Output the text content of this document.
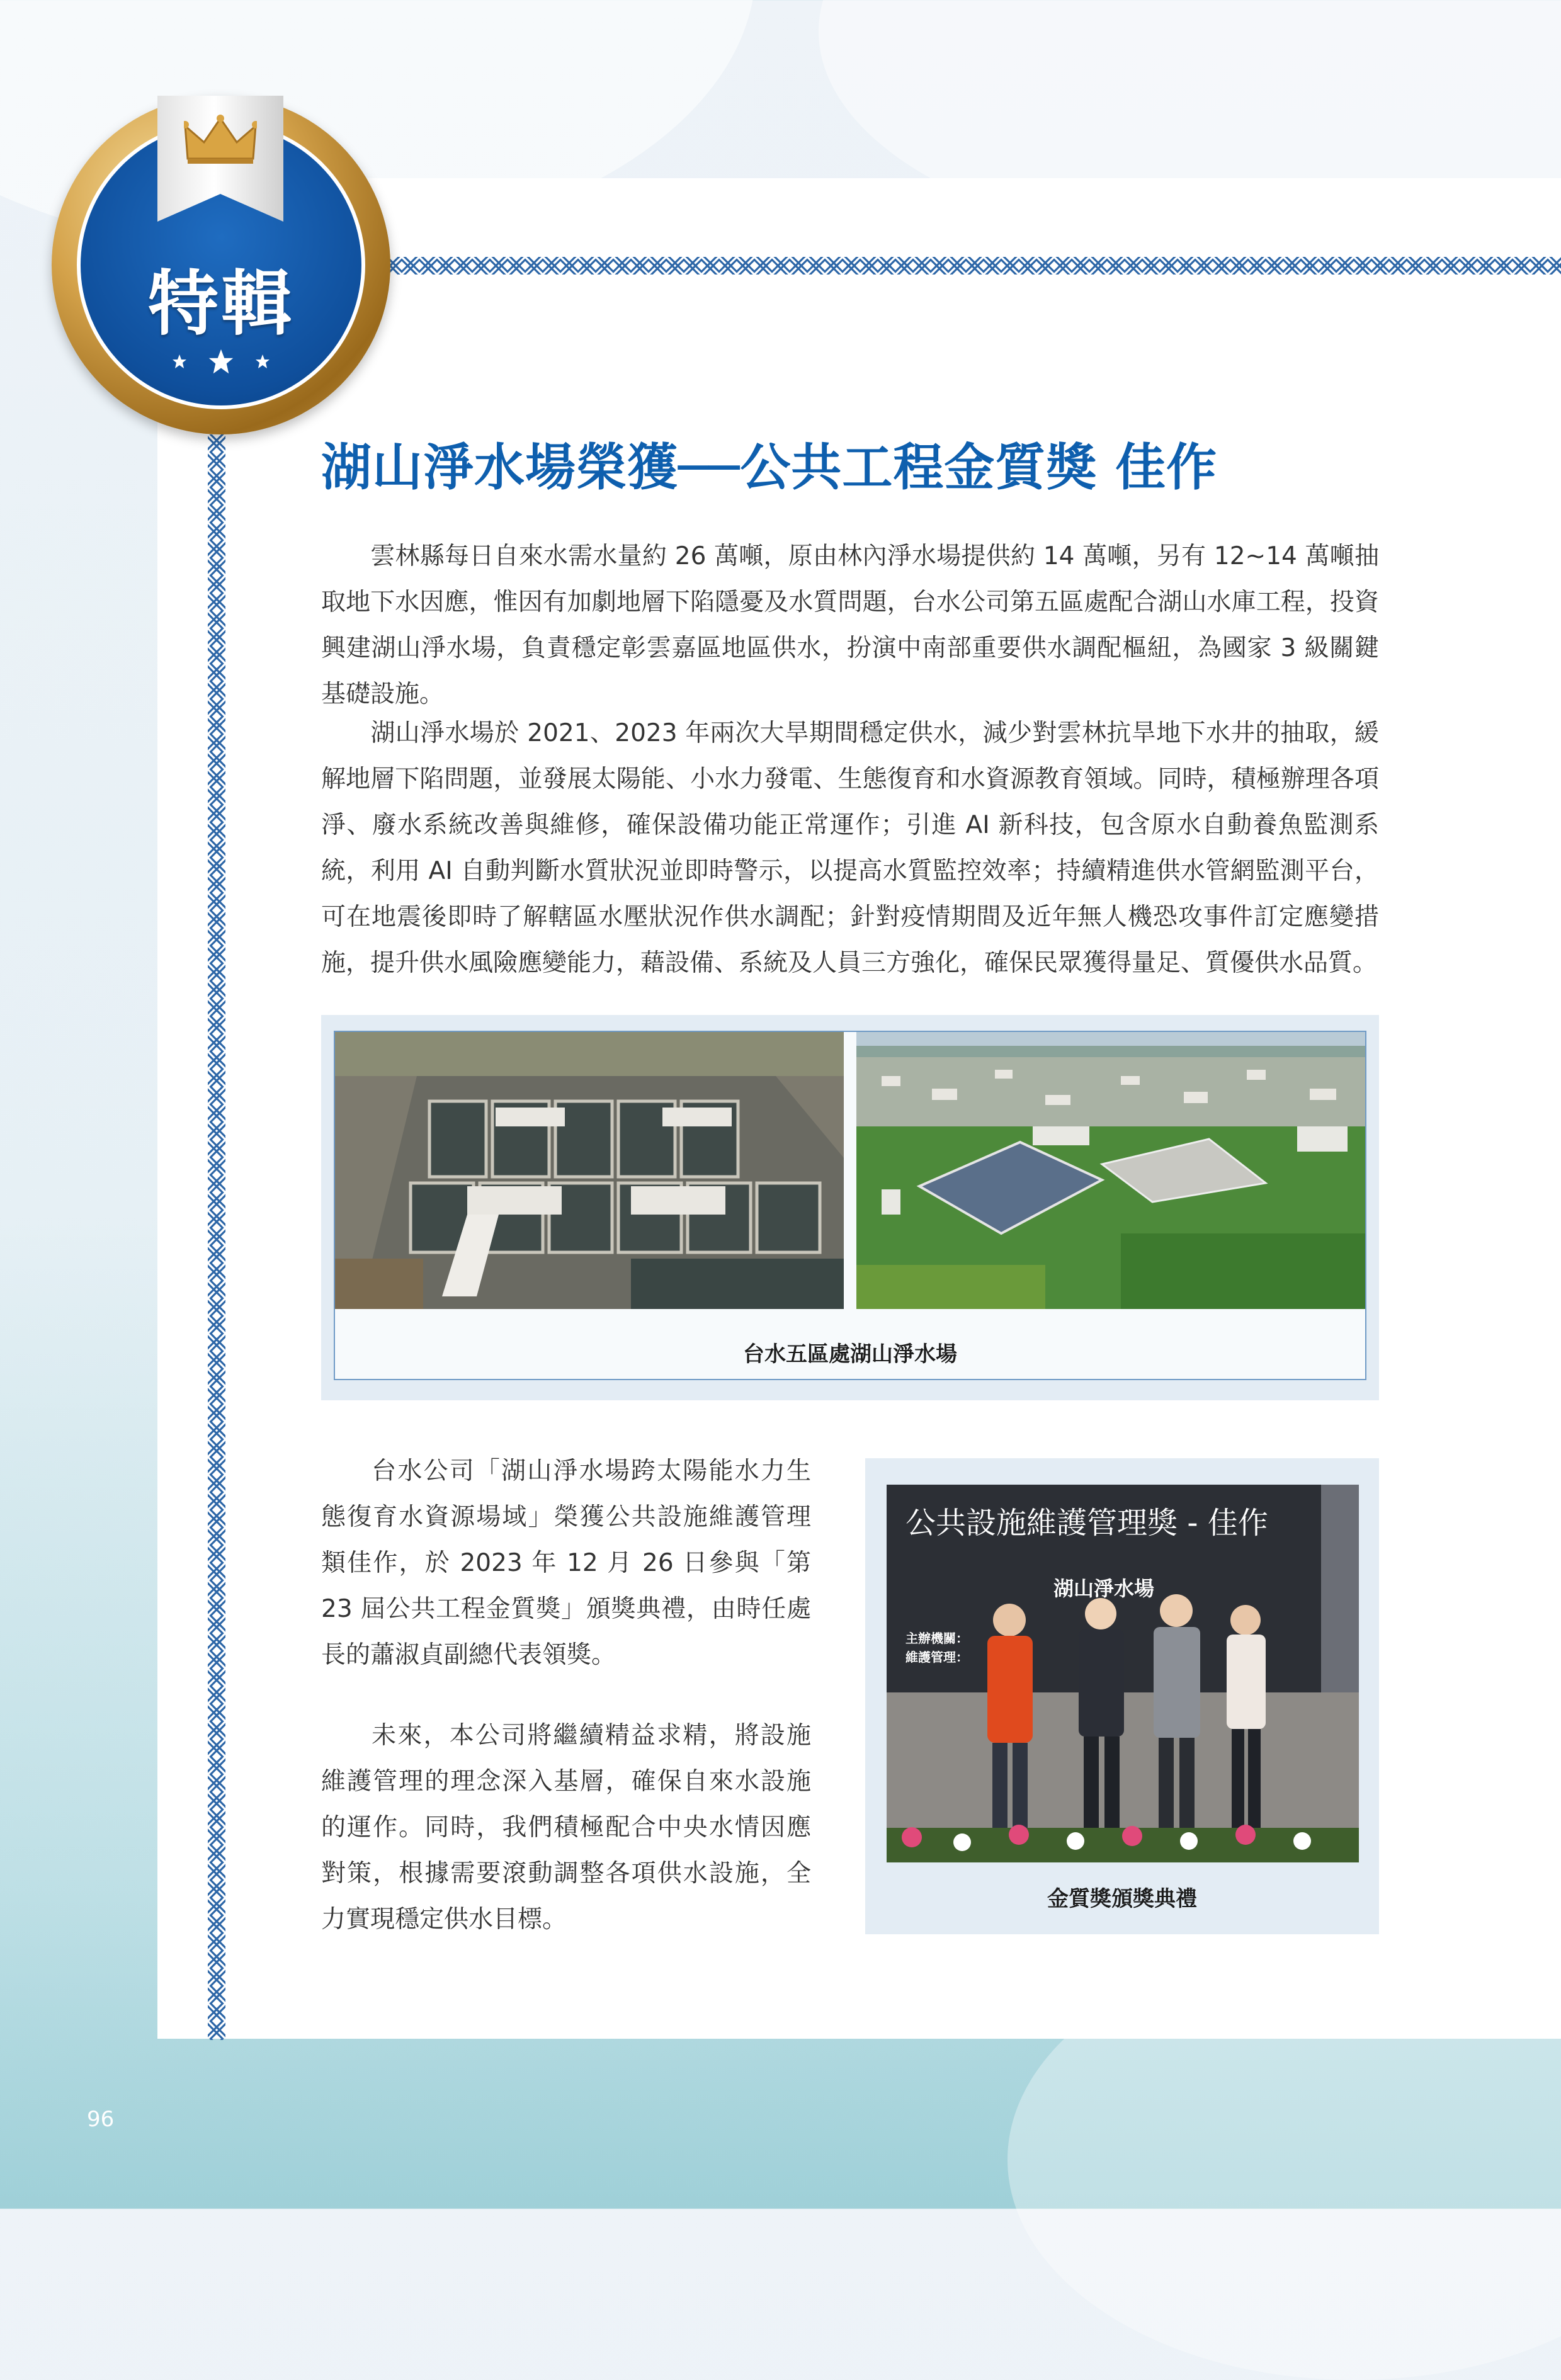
特輯

湖山淨水場榮獲──公共工程金質獎 佳作

雲林縣每日自來水需水量約 26 萬噸，原由林內淨水場提供約 14 萬噸，另有 12~14 萬噸抽取地下水因應，惟因有加劇地層下陷隱憂及水質問題，台水公司第五區處配合湖山水庫工程，投資興建湖山淨水場，負責穩定彰雲嘉區地區供水，扮演中南部重要供水調配樞紐，為國家 3 級關鍵基礎設施。

湖山淨水場於 2021、2023 年兩次大旱期間穩定供水，減少對雲林抗旱地下水井的抽取，緩解地層下陷問題，並發展太陽能、小水力發電、生態復育和水資源教育領域。同時，積極辦理各項淨、廢水系統改善與維修，確保設備功能正常運作；引進 AI 新科技，包含原水自動養魚監測系統，利用 AI 自動判斷水質狀況並即時警示，以提高水質監控效率；持續精進供水管網監測平台，可在地震後即時了解轄區水壓狀況作供水調配；針對疫情期間及近年無人機恐攻事件訂定應變措施，提升供水風險應變能力，藉設備、系統及人員三方強化，確保民眾獲得量足、質優供水品質。

台水五區處湖山淨水場

台水公司「湖山淨水場跨太陽能水力生態復育水資源場域」榮獲公共設施維護管理類佳作，於 2023 年 12 月 26 日參與「第 23 屆公共工程金質獎」頒獎典禮，由時任處長的蕭淑貞副總代表領獎。

未來，本公司將繼續精益求精，將設施維護管理的理念深入基層，確保自來水設施的運作。同時，我們積極配合中央水情因應對策，根據需要滾動調整各項供水設施，全力實現穩定供水目標。

公共設施維護管理獎 - 佳作
湖山淨水場
主辦機關：
維護管理：
金質獎頒獎典禮
96
